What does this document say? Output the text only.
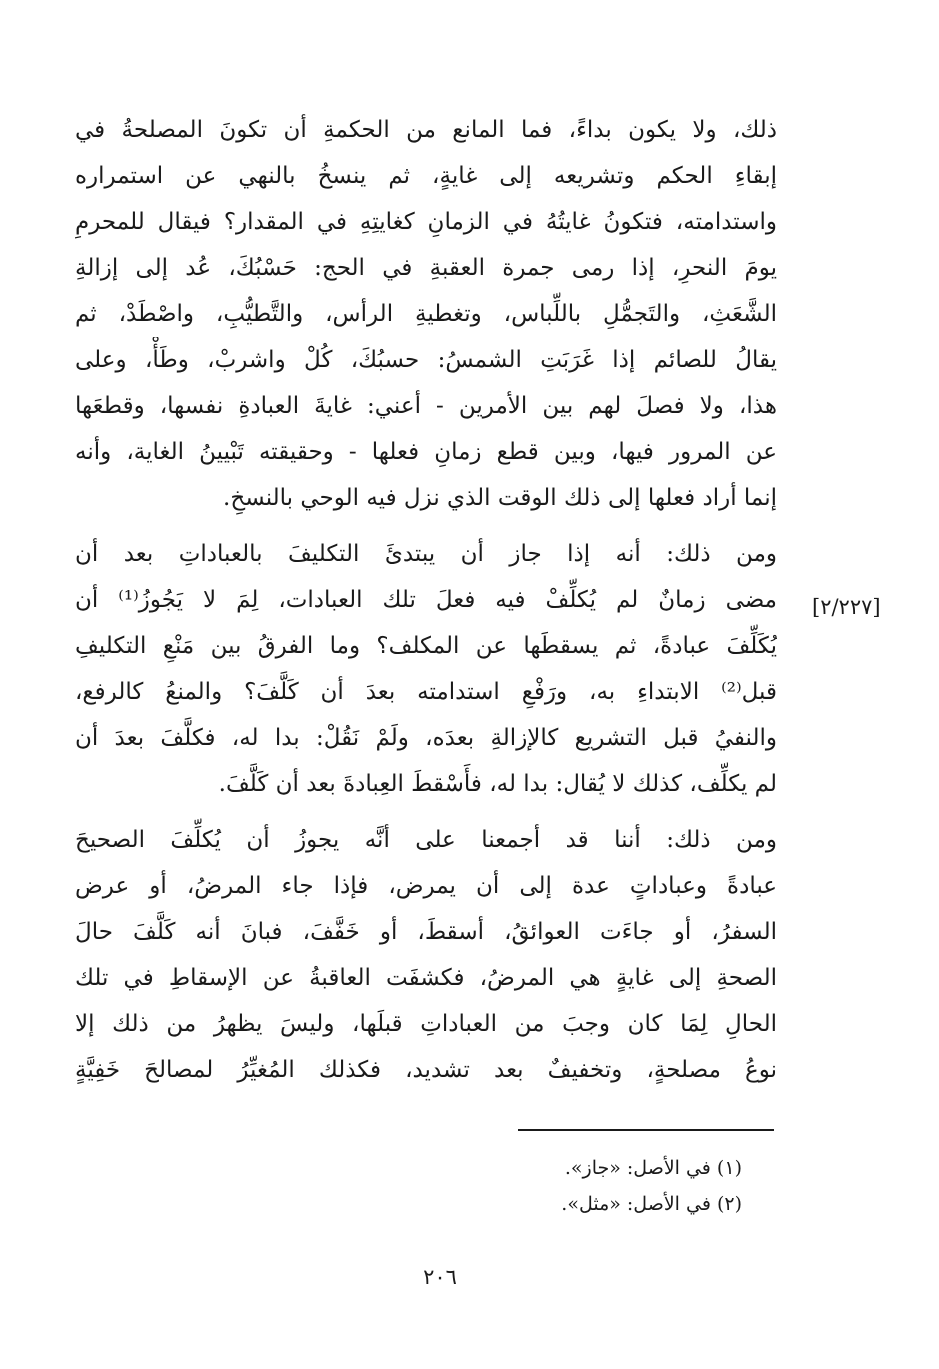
ذلك، ولا يكون بداءً، فما المانع من الحكمةِ أن تكونَ المصلحةُ في
إبقاءِ الحكم وتشريعه إلى غايةٍ، ثم ينسخُ بالنهي عن استمراره
واستدامته، فتكونُ غايتُهُ في الزمانِ كغايتِهِ في المقدار؟ فيقال للمحرمِ
يومَ النحرِ، إذا رمى جمرة العقبةِ في الحج: حَسْبُكَ، عُد إلى إزالةِ
الشَّعَثِ، والتَجمُّلِ باللِّباس، وتغطيةِ الرأس، والتَّطيُّبِ، واصْطَدْ، ثم
يقالُ للصائم إذا غَرَبَتِ الشمسُ: حسبُكَ، كُلْ واشربْ، وطَأْ، وعلى
هذا، ولا فصلَ لهم بين الأمرين - أعني: غايةَ العبادةِ نفسها، وقطعَها
عن المرور فيها، وبين قطع زمانِ فعلها - وحقيقته تَبْيينُ الغاية، وأنه
إنما أراد فعلها إلى ذلك الوقت الذي نزل فيه الوحي بالنسخِ.
ومن ذلك: أنه إذا جاز أن يبتدئَ التكليفَ بالعباداتِ بعد أن
مضى زمانٌ لم يُكلِّفْ فيه فعلَ تلك العبادات، لِمَ لا يَجُوزُ⁽¹⁾ أن
يُكَلِّفَ عبادةً، ثم يسقطَها عن المكلف؟ وما الفرقُ بين مَنْعِ التكليفِ
قبل⁽²⁾ الابتداءِ به، ورَفْعِ استدامته بعدَ أن كَلَّفَ؟ والمنعُ كالرفع،
والنفيُ قبل التشريع كالإزالةِ بعدَه، ولَمْ نَقُلْ: بدا له، فكلَّفَ بعدَ أن
لم يكلِّف، كذلك لا يُقال: بدا له، فأَسْقطَ العِبادةَ بعد أن كَلَّفَ.
[٢/٢٢٧]
ومن ذلك: أننا قد أجمعنا على أنَّه يجوزُ أن يُكلِّفَ الصحيحَ
عبادةً وعباداتٍ عدة إلى أن يمرض، فإذا جاء المرضُ، أو عرض
السفرُ، أو جاءَت العوائقُ، أسقطَ، أو خَفَّفَ، فبانَ أنه كَلَّفَ حالَ
الصحةِ إلى غايةٍ هي المرضُ، فكشفَت العاقبةُ عن الإسقاطِ في تلك
الحالِ لِمَا كان وجبَ من العباداتِ قبلَها، وليسَ يظهرُ من ذلك إلا
نوعُ مصلحةٍ، وتخفيفٌ بعد تشديد، فكذلك المُغيِّرُ لمصالحَ خَفِيَّةٍ
(١) في الأصل: «جاز».
(٢) في الأصل: «مثل».
٢٠٦
